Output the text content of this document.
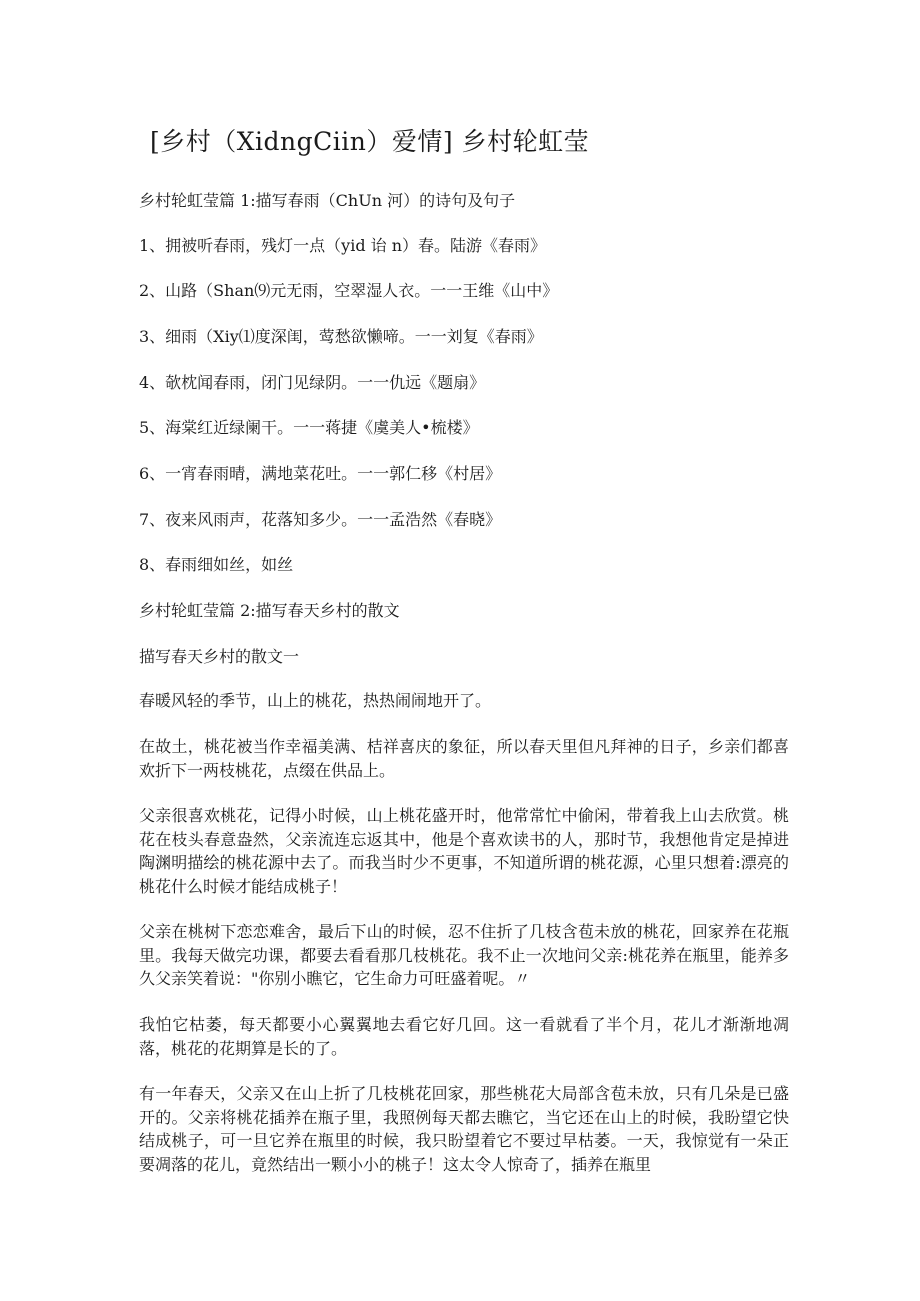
[乡村（XidngCiin）爱情] 乡村轮虹莹
乡村轮虹莹篇 1:描写春雨（ChUn 河）的诗句及句子
1、拥被听春雨，残灯一点（yid 诒 n）春。陆游《春雨》
2、山路（Shan⑼元无雨，空翠湿人衣。一一王维《山中》
3、细雨（Xiy⑴度深闺，莺愁欲懒啼。一一刘复《春雨》
4、欹枕闻春雨，闭门见绿阴。一一仇远《题扇》
5、海棠红近绿阑干。一一蒋捷《虞美人•梳楼》
6、一宵春雨晴，满地菜花吐。一一郭仁移《村居》
7、夜来风雨声，花落知多少。一一孟浩然《春晓》
8、春雨细如丝，如丝
乡村轮虹莹篇 2:描写春天乡村的散文
描写春天乡村的散文一

春暖风轻的季节，山上的桃花，热热闹闹地开了。

在故土，桃花被当作幸福美满、桔祥喜庆的象征，所以春天里但凡拜神的日子，乡亲们都喜欢折下一两枝桃花，点缀在供品上。

父亲很喜欢桃花，记得小时候，山上桃花盛开时，他常常忙中偷闲，带着我上山去欣赏。桃花在枝头春意盎然，父亲流连忘返其中，他是个喜欢读书的人，那时节，我想他肯定是掉进陶渊明描绘的桃花源中去了。而我当时少不更事，不知道所谓的桃花源，心里只想着:漂亮的桃花什么时候才能结成桃子！

父亲在桃树下恋恋难舍，最后下山的时候，忍不住折了几枝含苞未放的桃花，回家养在花瓶里。我每天做完功课，都要去看看那几枝桃花。我不止一次地问父亲:桃花养在瓶里，能养多久父亲笑着说："你别小瞧它，它生命力可旺盛着呢。〃

我怕它枯萎，每天都要小心翼翼地去看它好几回。这一看就看了半个月，花儿才渐渐地凋落，桃花的花期算是长的了。

有一年春天，父亲又在山上折了几枝桃花回家，那些桃花大局部含苞未放，只有几朵是已盛开的。父亲将桃花插养在瓶子里，我照例每天都去瞧它，当它还在山上的时候，我盼望它快结成桃子，可一旦它养在瓶里的时候，我只盼望着它不要过早枯萎。一天，我惊觉有一朵正要凋落的花儿，竟然结出一颗小小的桃子！这太令人惊奇了，插养在瓶里
